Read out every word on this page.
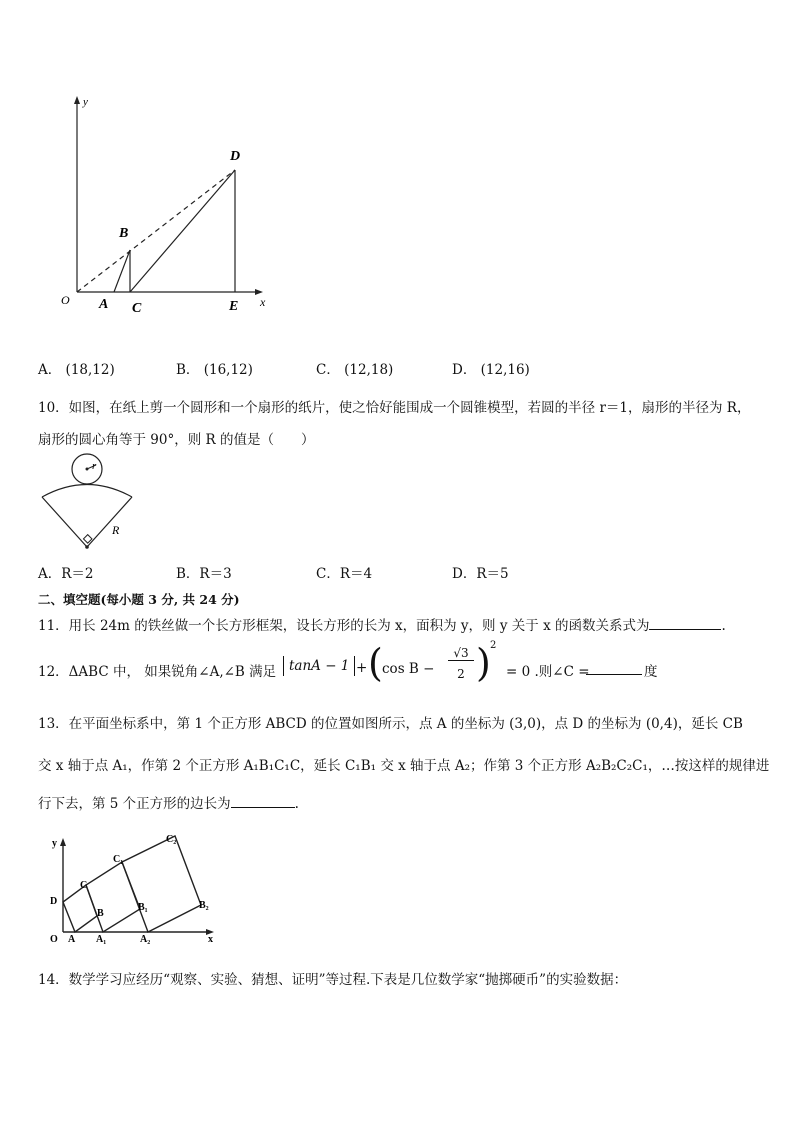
y
x
O A
B
C
D
E
A． (18,12)	B． (16,12)	C． (12,18)	D． (12,16)
10．如图，在纸上剪一个圆形和一个扇形的纸片，使之恰好能围成一个圆锥模型，若圆的半径 r＝1，扇形的半径为 R，
扇形的圆心角等于 90°，则 R 的值是（　　）
r
R
A．R＝2	B．R＝3	C．R＝4	D．R＝5
二、填空题(每小题 3 分, 共 24 分)
11．用长 24m 的铁丝做一个长方形框架，设长方形的长为 x，面积为 y，则 y 关于 x 的函数关系式为	.
12．ΔABC 中， 如果锐角∠A,∠B 满足 tanA − 1 + ( cos B −
√3
2 ) 2
= 0 .则∠C =	度
13．在平面坐标系中，第 1 个正方形 ABCD 的位置如图所示，点 A 的坐标为 (3,0)，点 D 的坐标为 (0,4)，延长 CB
交 x 轴于点 A₁，作第 2 个正方形 A₁B₁C₁C，延长 C₁B₁ 交 x 轴于点 A₂；作第 3 个正方形 A₂B₂C₂C₁，…按这样的规律进
行下去，第 5 个正方形的边长为	.
y
x
O A A₁	A₂
D
C
B
C₁
B₁
C₂
B₂
14．数学学习应经历“观察、实验、猜想、证明”等过程.下表是几位数学家“抛掷硬币”的实验数据：
